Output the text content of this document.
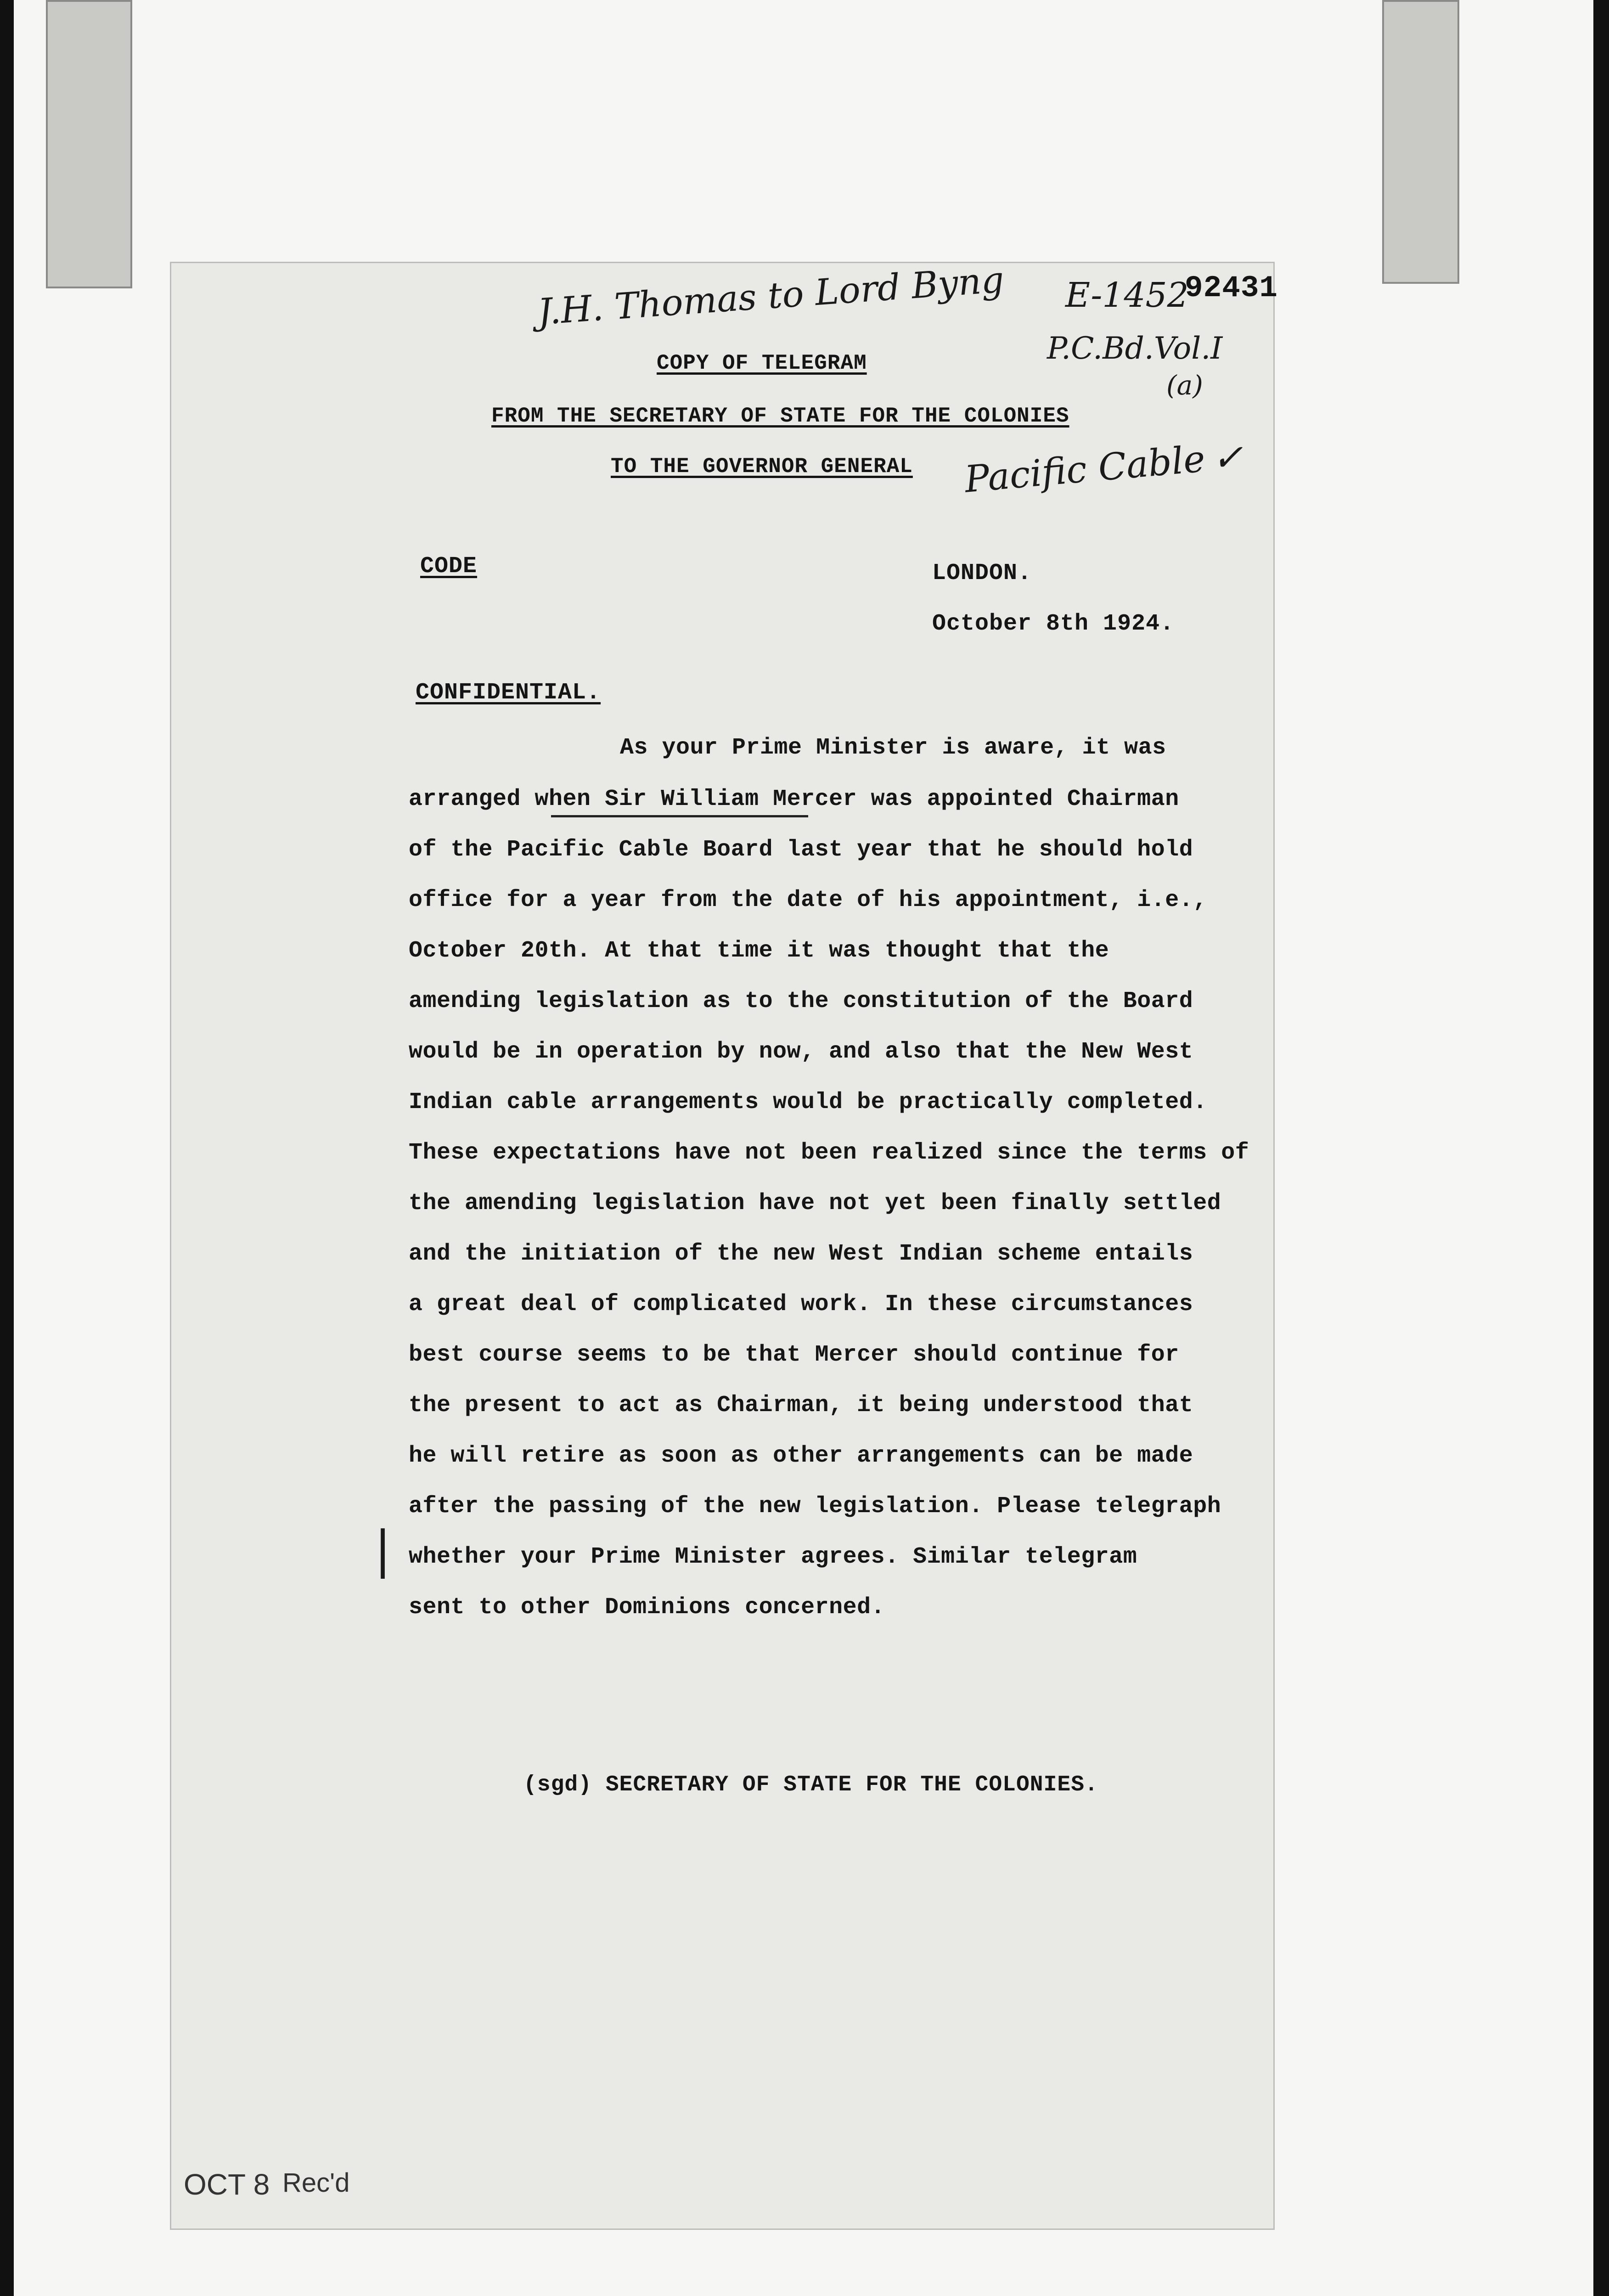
J.H. Thomas to Lord Byng E-1452
92431
P.C.Bd.Vol.I
(a)
Pacific Cable ✓
COPY OF TELEGRAM
FROM THE SECRETARY OF STATE FOR THE COLONIES
TO THE GOVERNOR GENERAL
CODE	LONDON.
October 8th 1924.
CONFIDENTIAL.
As your Prime Minister is aware, it was
arranged when Sir William Mercer was appointed Chairman
of the Pacific Cable Board last year that he should hold
office for a year from the date of his appointment, i.e.,
October 20th. At that time it was thought that the
amending legislation as to the constitution of the Board
would be in operation by now, and also that the New West
Indian cable arrangements would be practically completed.
These expectations have not been realized since the terms of
the amending legislation have not yet been finally settled
and the initiation of the new West Indian scheme entails
a great deal of complicated work. In these circumstances
best course seems to be that Mercer should continue for
the present to act as Chairman, it being understood that
he will retire as soon as other arrangements can be made
after the passing of the new legislation. Please telegraph
whether your Prime Minister agrees. Similar telegram
sent to other Dominions concerned.
|
(sgd) SECRETARY OF STATE FOR THE COLONIES.
OCT 8 Rec'd
